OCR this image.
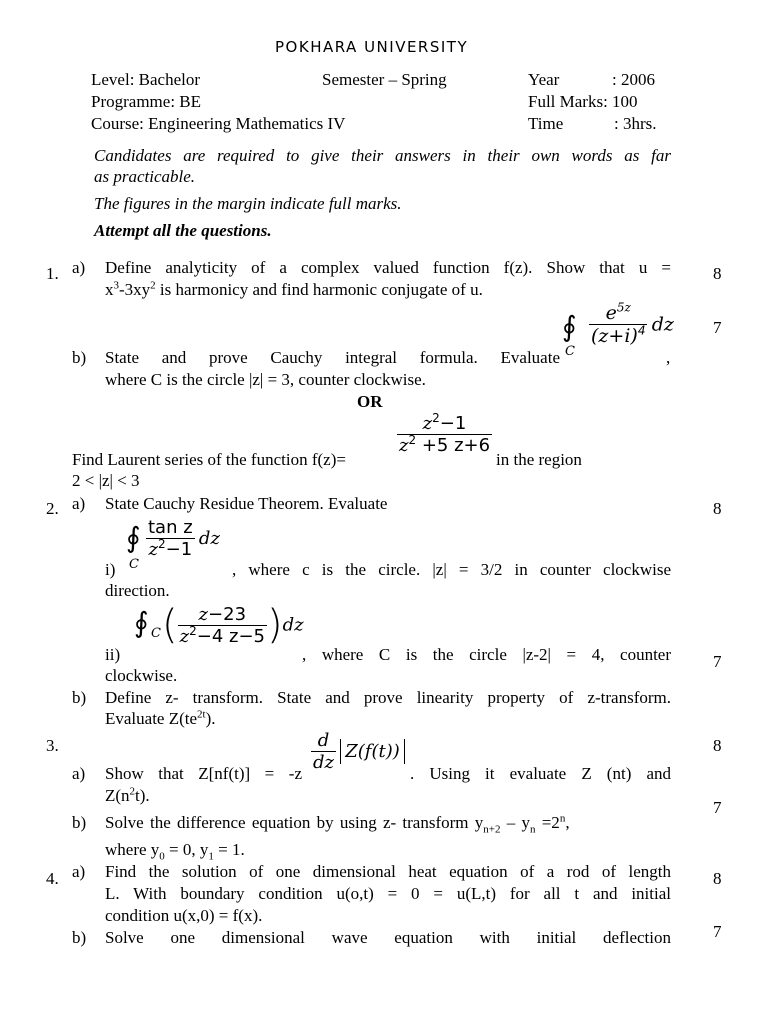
POKHARA UNIVERSITY
Level: Bachelor	Semester – Spring	Year	: 2006
Programme: BE	Full Marks: 100
Course: Engineering Mathematics IV	Time	: 3hrs.
Candidates are required to give their answers in their own words as far
as practicable.
The figures in the margin indicate full marks.
Attempt all the questions.
1. a) Define analyticity of a complex valued function f(z). Show that u =
$x^3-3xy^2$ is harmonicy and find harmonic conjugate of u.
8
∮
C
$\frac{e^{5z}}{(z+i)^4}$ dz	7
b) State and prove Cauchy integral formula. Evaluate	,
where C is the circle |z| = 3, counter clockwise.
OR
Find Laurent series of the function f(z)=
$\frac{z^2-1}{z^2 +5 z+6}$
in the region
2 < |z| < 3
2. a) State Cauchy Residue Theorem. Evaluate	8
∮
C
$\frac{\text{tan z}}{z^2-1}$ dz
i)	, where c is the circle. |z| = 3/2 in counter clockwise
direction.
∮ C ( $\frac{z-23}{z^2-4 z-5} )dz$
ii)	, where C is the circle |z-2| = 4, counter
clockwise.
7
b) Define z- transform. State and prove linearity property of z-transform.
Evaluate $Z(te^{2t})$.
3.	8
$\frac{d}{dz} Z(f(t))$
a) Show that Z[nf(t)] = -z	. Using it evaluate Z (nt) and
$Z(n^2t)$.
7
b) Solve the difference equation by using z- transform $y_{n+2} - y_n =2^n$,
where $y_0 = 0$, $y_1 = 1$.
4. a) Find the solution of one dimensional heat equation of a rod of length
L. With boundary condition u(o,t) = 0 = u(L,t) for all t and initial
condition u(x,0) = f(x).
8
b) Solve one dimensional wave equation with initial deflection 7
